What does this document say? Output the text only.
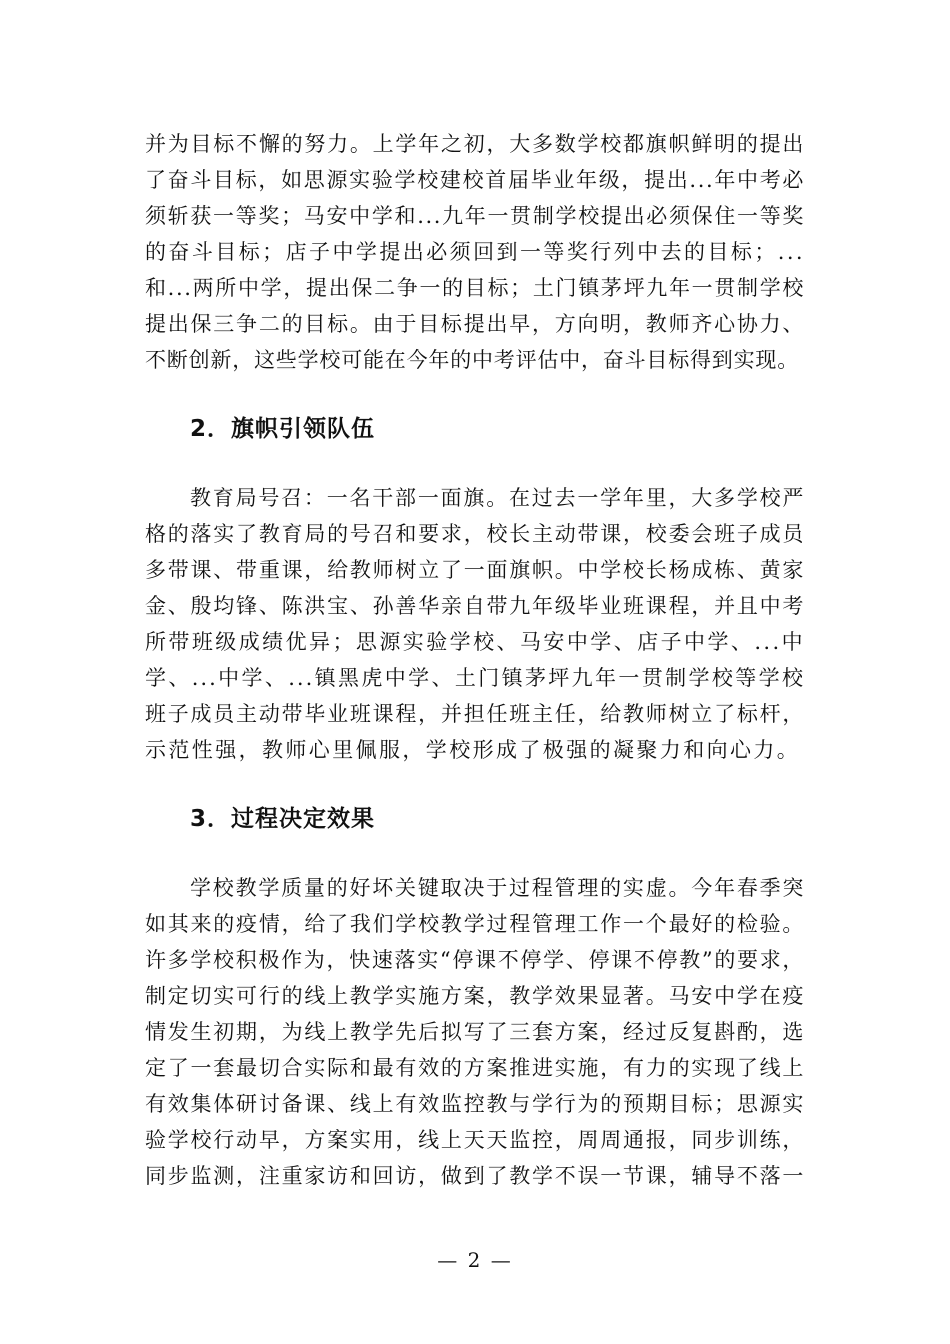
并为目标不懈的努力。上学年之初，大多数学校都旗帜鲜明的提出
了奋斗目标，如思源实验学校建校首届毕业年级，提出...年中考必
须斩获一等奖；马安中学和...九年一贯制学校提出必须保住一等奖
的奋斗目标；店子中学提出必须回到一等奖行列中去的目标；...
和...两所中学，提出保二争一的目标；土门镇茅坪九年一贯制学校
提出保三争二的目标。由于目标提出早，方向明，教师齐心协力、
不断创新，这些学校可能在今年的中考评估中，奋斗目标得到实现。
2．旗帜引领队伍
教育局号召：一名干部一面旗。在过去一学年里，大多学校严
格的落实了教育局的号召和要求，校长主动带课，校委会班子成员
多带课、带重课，给教师树立了一面旗帜。中学校长杨成栋、黄家
金、殷均锋、陈洪宝、孙善华亲自带九年级毕业班课程，并且中考
所带班级成绩优异；思源实验学校、马安中学、店子中学、...中
学、...中学、...镇黑虎中学、土门镇茅坪九年一贯制学校等学校
班子成员主动带毕业班课程，并担任班主任，给教师树立了标杆，
示范性强，教师心里佩服，学校形成了极强的凝聚力和向心力。
3．过程决定效果
学校教学质量的好坏关键取决于过程管理的实虚。今年春季突
如其来的疫情，给了我们学校教学过程管理工作一个最好的检验。
许多学校积极作为，快速落实“停课不停学、停课不停教”的要求，
制定切实可行的线上教学实施方案，教学效果显著。马安中学在疫
情发生初期，为线上教学先后拟写了三套方案，经过反复斟酌，选
定了一套最切合实际和最有效的方案推进实施，有力的实现了线上
有效集体研讨备课、线上有效监控教与学行为的预期目标；思源实
验学校行动早，方案实用，线上天天监控，周周通报，同步训练，
同步监测，注重家访和回访，做到了教学不误一节课，辅导不落一
— 2 —
